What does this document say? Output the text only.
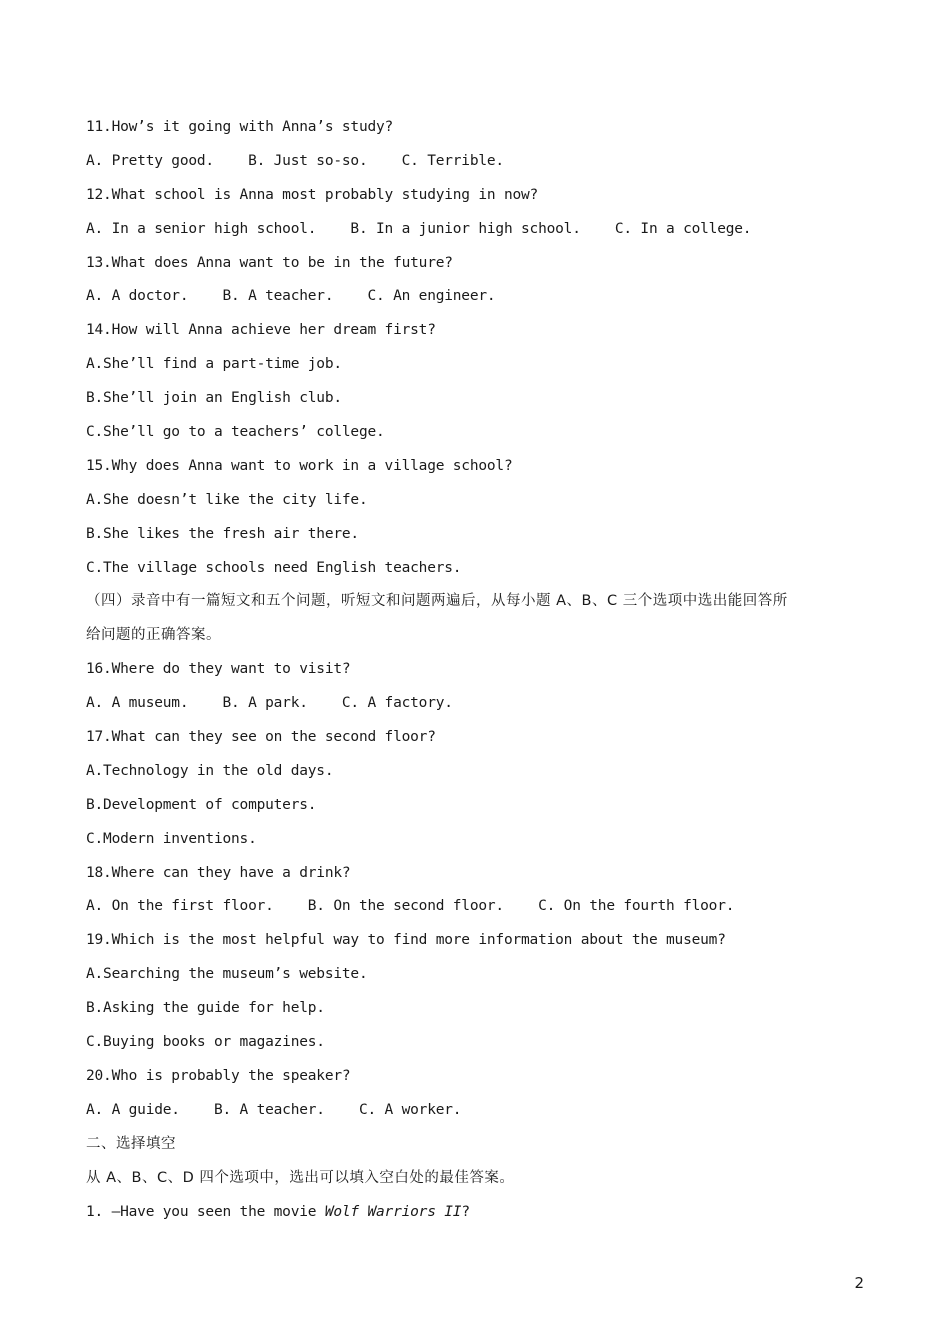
11.How’s it going with Anna’s study?
A. Pretty good.    B. Just so-so.    C. Terrible.
12.What school is Anna most probably studying in now?
A. In a senior high school.    B. In a junior high school.    C. In a college.
13.What does Anna want to be in the future?
A. A doctor.    B. A teacher.    C. An engineer.
14.How will Anna achieve her dream first?
A.She’ll find a part-time job.
B.She’ll join an English club.
C.She’ll go to a teachers’ college.
15.Why does Anna want to work in a village school?
A.She doesn’t like the city life.
B.She likes the fresh air there.
C.The village schools need English teachers.
（四）录音中有一篇短文和五个问题，听短文和问题两遍后，从每小题 A、B、C 三个选项中选出能回答所
给问题的正确答案。
16.Where do they want to visit?
A. A museum.    B. A park.    C. A factory.
17.What can they see on the second floor?
A.Technology in the old days.
B.Development of computers.
C.Modern inventions.
18.Where can they have a drink?
A. On the first floor.    B. On the second floor.    C. On the fourth floor.
19.Which is the most helpful way to find more information about the museum?
A.Searching the museum’s website.
B.Asking the guide for help.
C.Buying books or magazines.
20.Who is probably the speaker?
A. A guide.    B. A teacher.    C. A worker.
二、选择填空
从 A、B、C、D 四个选项中，选出可以填入空白处的最佳答案。
1. —Have you seen the movie Wolf Warriors II?
2
